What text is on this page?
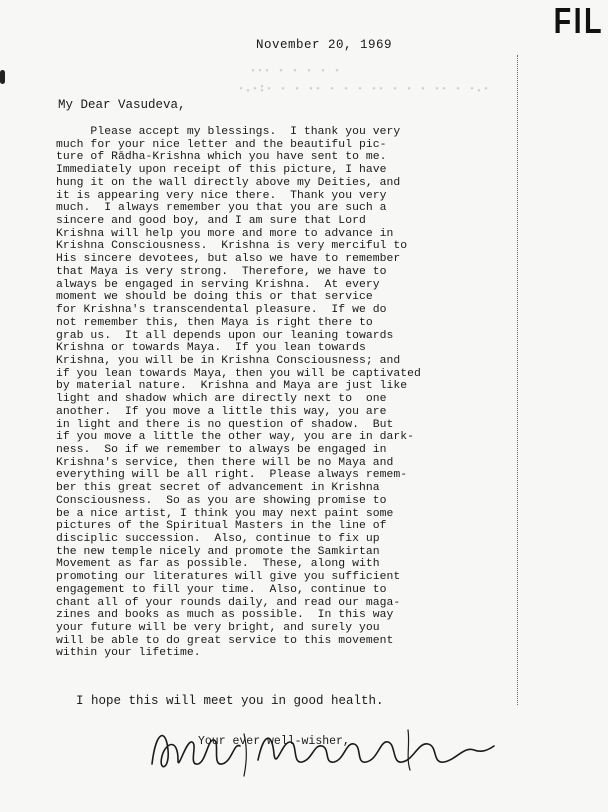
FIL
November 20, 1969
··· · · · · ·
·.·:· · · ·· · · · ·· · · · ·· · ·.·
My Dear Vasudeva,
Please accept my blessings.  I thank you very
much for your nice letter and the beautiful pic-
ture of Rādha-Krishna which you have sent to me.
Immediately upon receipt of this picture, I have
hung it on the wall directly above my Deities, and
it is appearing very nice there.  Thank you very
much.  I always remember you that you are such a
sincere and good boy, and I am sure that Lord
Krishna will help you more and more to advance in
Krishna Consciousness.  Krishna is very merciful to
His sincere devotees, but also we have to remember
that Maya is very strong.  Therefore, we have to
always be engaged in serving Krishna.  At every
moment we should be doing this or that service
for Krishna's transcendental pleasure.  If we do
not remember this, then Maya is right there to
grab us.  It all depends upon our leaning towards
Krishna or towards Maya.  If you lean towards
Krishna, you will be in Krishna Consciousness; and
if you lean towards Maya, then you will be captivated
by material nature.  Krishna and Maya are just like
light and shadow which are directly next to  one
another.  If you move a little this way, you are
in light and there is no question of shadow.  But
if you move a little the other way, you are in dark-
ness.  So if we remember to always be engaged in
Krishna's service, then there will be no Maya and
everything will be all right.  Please always remem-
ber this great secret of advancement in Krishna
Consciousness.  So as you are showing promise to
be a nice artist, I think you may next paint some
pictures of the Spiritual Masters in the line of
disciplic succession.  Also, continue to fix up
the new temple nicely and promote the Samkirtan
Movement as far as possible.  These, along with
promoting our literatures will give you sufficient
engagement to fill your time.  Also, continue to
chant all of your rounds daily, and read our maga-
zines and books as much as possible.  In this way
your future will be very bright, and surely you
will be able to do great service to this movement
within your lifetime.
I hope this will meet you in good health.
Your ever well-wisher,
